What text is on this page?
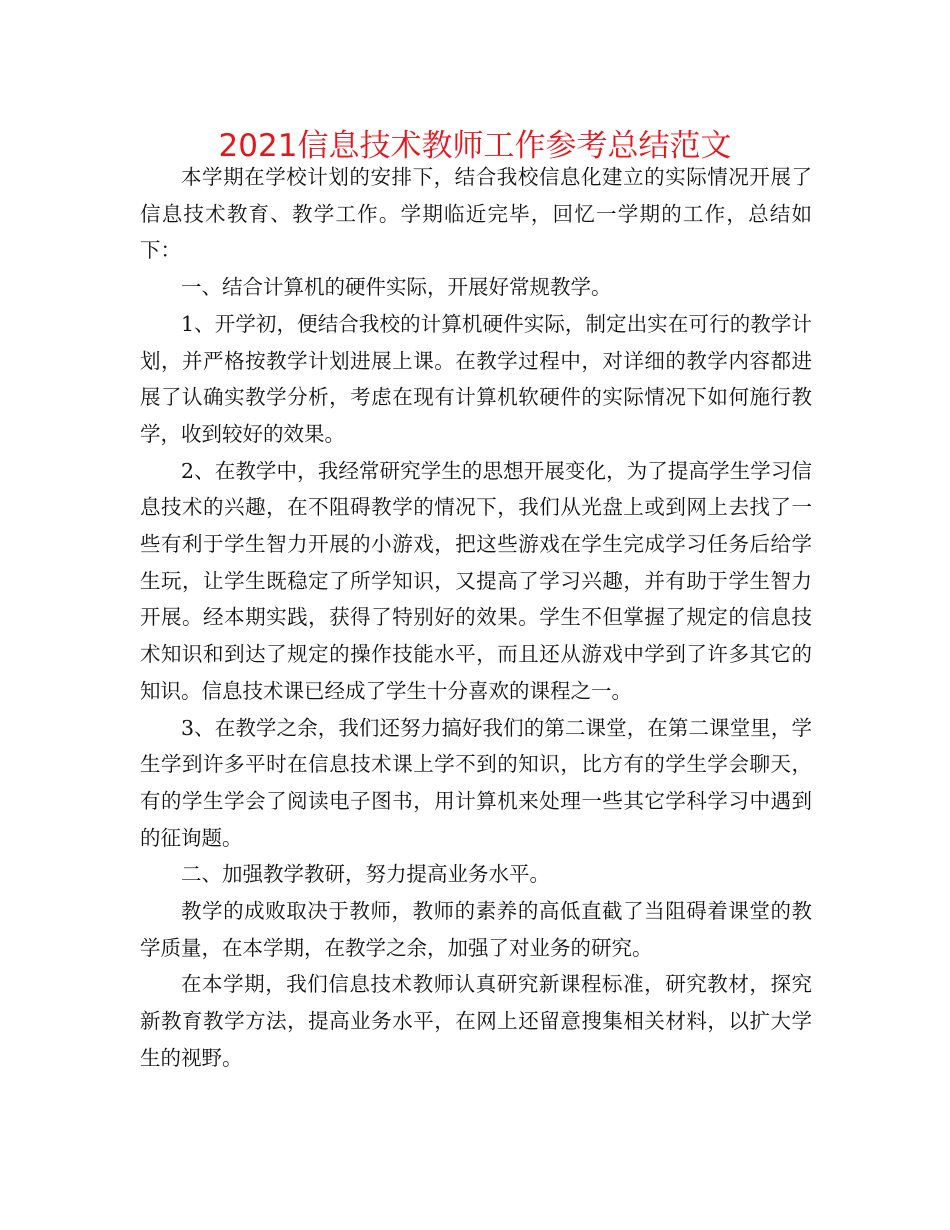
2021信息技术教师工作参考总结范文

本学期在学校计划的安排下，结合我校信息化建立的实际情况开展了信息技术教育、教学工作。学期临近完毕，回忆一学期的工作，总结如下：

一、结合计算机的硬件实际，开展好常规教学。

1、开学初，便结合我校的计算机硬件实际，制定出实在可行的教学计划，并严格按教学计划进展上课。在教学过程中，对详细的教学内容都进展了认确实教学分析，考虑在现有计算机软硬件的实际情况下如何施行教学，收到较好的效果。

2、在教学中，我经常研究学生的思想开展变化，为了提高学生学习信息技术的兴趣，在不阻碍教学的情况下，我们从光盘上或到网上去找了一些有利于学生智力开展的小游戏，把这些游戏在学生完成学习任务后给学生玩，让学生既稳定了所学知识，又提高了学习兴趣，并有助于学生智力开展。经本期实践，获得了特别好的效果。学生不但掌握了规定的信息技术知识和到达了规定的操作技能水平，而且还从游戏中学到了许多其它的知识。信息技术课已经成了学生十分喜欢的课程之一。

3、在教学之余，我们还努力搞好我们的第二课堂，在第二课堂里，学生学到许多平时在信息技术课上学不到的知识，比方有的学生学会聊天，有的学生学会了阅读电子图书，用计算机来处理一些其它学科学习中遇到的征询题。

二、加强教学教研，努力提高业务水平。

教学的成败取决于教师，教师的素养的高低直截了当阻碍着课堂的教学质量，在本学期，在教学之余，加强了对业务的研究。

在本学期，我们信息技术教师认真研究新课程标准，研究教材，探究新教育教学方法，提高业务水平，在网上还留意搜集相关材料，以扩大学生的视野。
